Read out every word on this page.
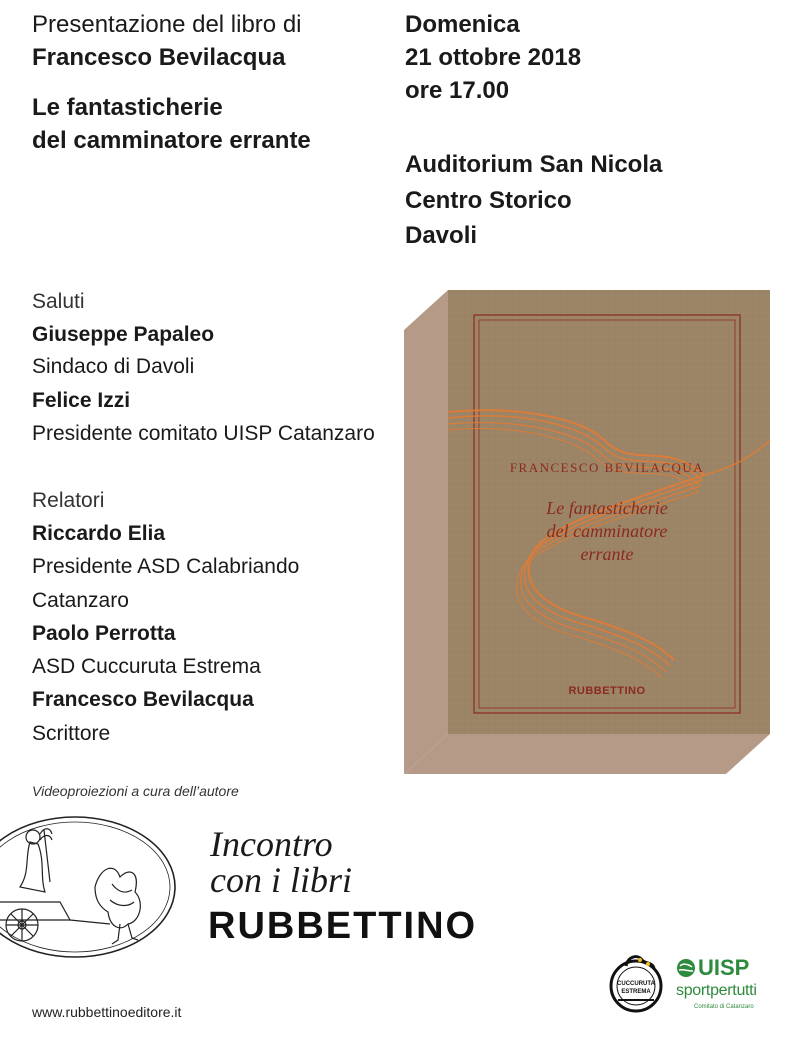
Presentazione del libro di
Francesco Bevilacqua
Le fantasticherie
del camminatore errante
Domenica
21 ottobre 2018
ore 17.00
Auditorium San Nicola
Centro Storico
Davoli
Saluti
Giuseppe Papaleo
Sindaco di Davoli
Felice Izzi
Presidente comitato UISP Catanzaro
Relatori
Riccardo Elia
Presidente ASD Calabriando
Catanzaro
Paolo Perrotta
ASD Cuccuruta Estrema
Francesco Bevilacqua
Scrittore
Videoproiezioni a cura dell’autore
FRANCESCO BEVILACQUA
Le fantasticherie
del camminatore
errante
RUBBETTINO
Incontro
con i libri
RUBBETTINO
CUCCURUTA
ESTREMA
UISP
sportpertutti
Comitato di Catanzaro
www.rubbettinoeditore.it
